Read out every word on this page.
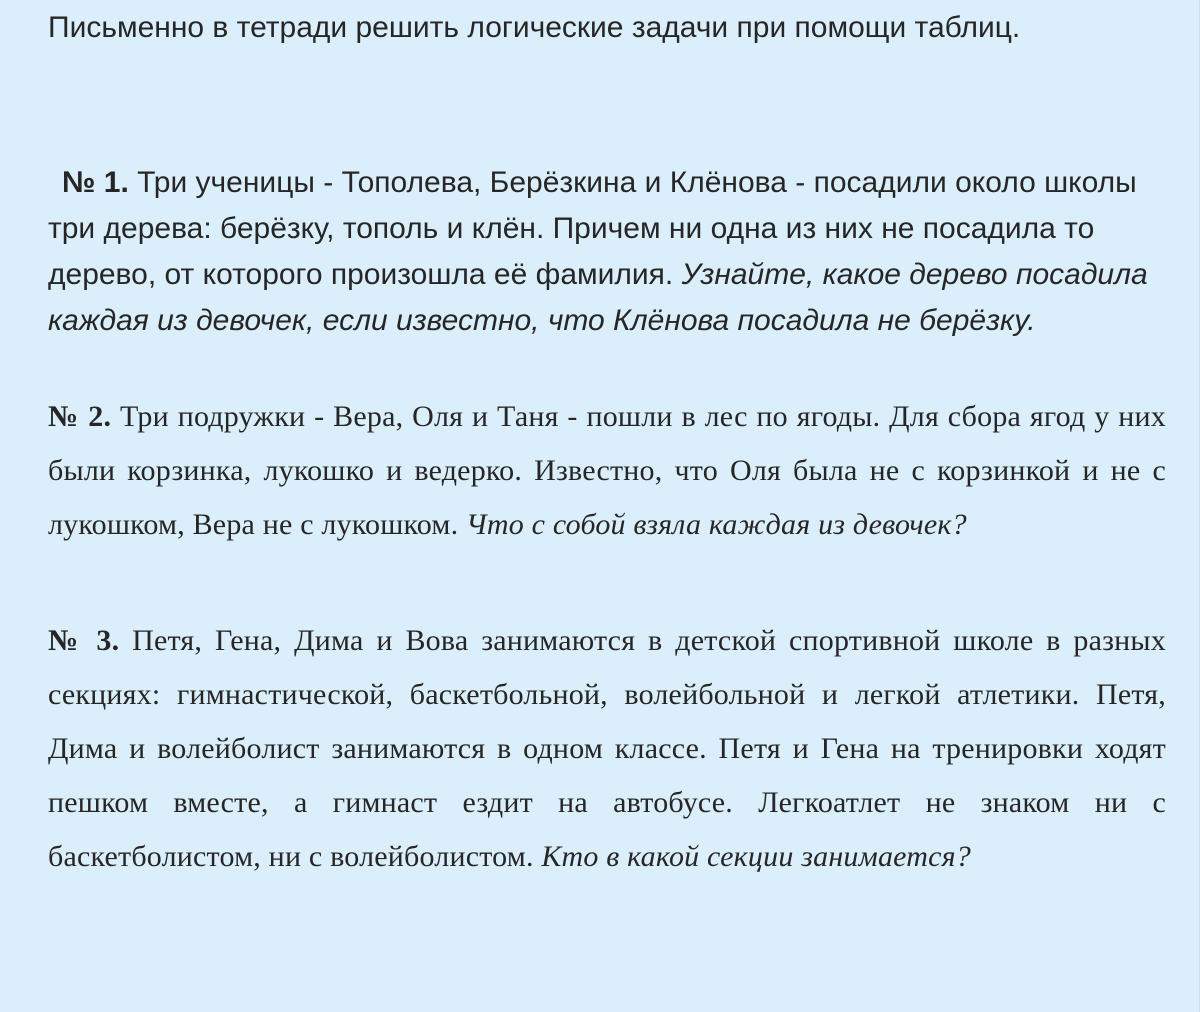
Письменно в тетради решить логические задачи при помощи таблиц.

№ 1. Три ученицы - Тополева, Берёзкина и Клёнова - посадили около школы три дерева: берёзку, тополь и клён. Причем ни одна из них не посадила то дерево, от которого произошла её фамилия. Узнайте, какое дерево посадила каждая из девочек, если известно, что Клёнова посадила не берёзку.

№ 2. Три подружки - Вера, Оля и Таня - пошли в лес по ягоды. Для сбора ягод у них были корзинка, лукошко и ведерко. Известно, что Оля была не с корзинкой и не с лукошком, Вера не с лукошком. Что с собой взяла каждая из девочек?

№ 3. Петя, Гена, Дима и Вова занимаются в детской спортивной школе в разных секциях: гимнастической, баскетбольной, волейбольной и легкой атлетики. Петя, Дима и волейболист занимаются в одном классе. Петя и Гена на тренировки ходят пешком вместе, а гимнаст ездит на автобусе. Легкоатлет не знаком ни с баскетболистом, ни с волейболистом. Кто в какой секции занимается?
